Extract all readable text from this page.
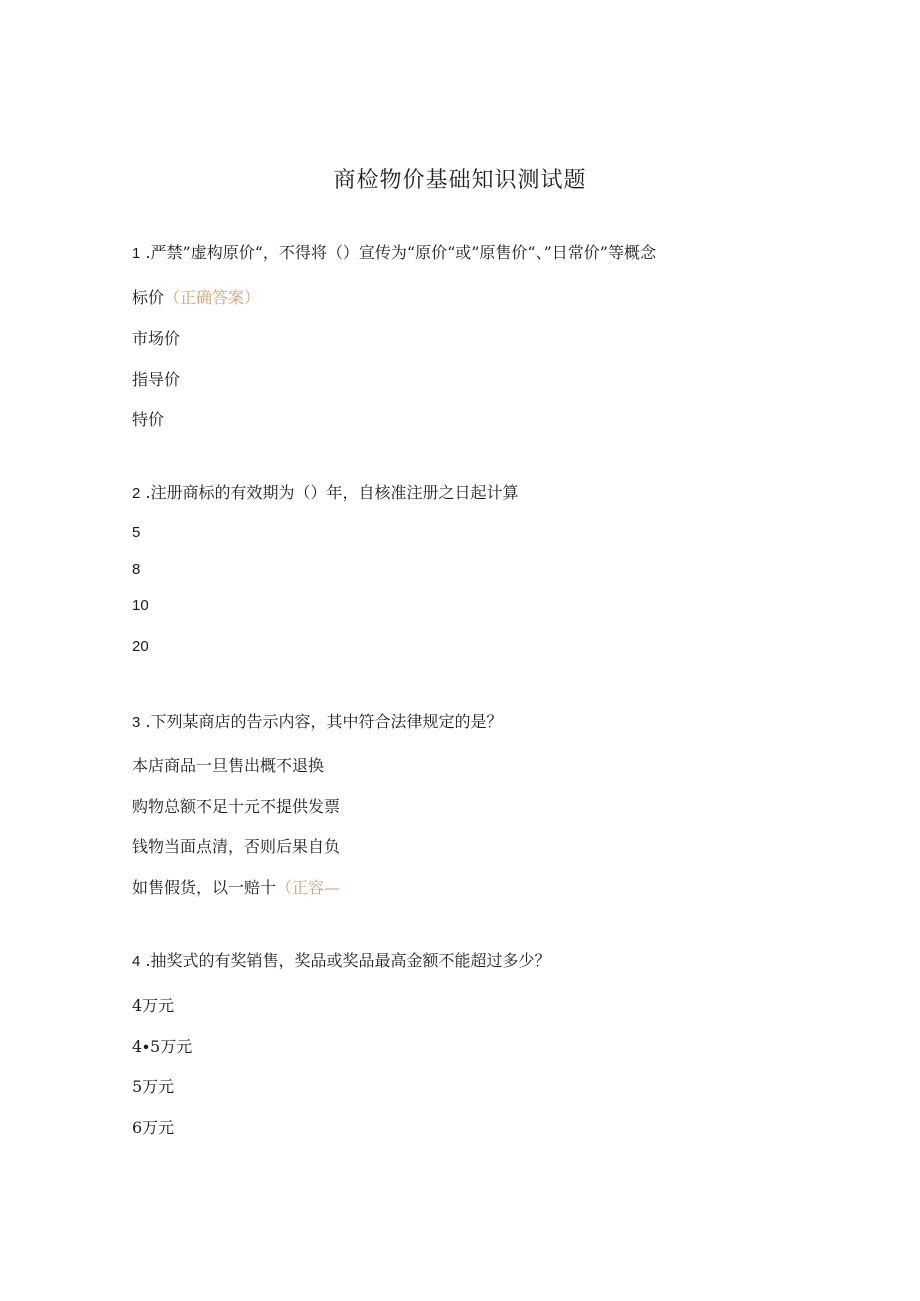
商检物价基础知识测试题
1 .严禁”虚构原价“，不得将（）宣传为“原价“或”原售价“、”日常价”等概念
标价（正确答案）
市场价
指导价
特价
2 .注册商标的有效期为（）年，自核准注册之日起计算
5
8
10
20
3 .下列某商店的告示内容，其中符合法律规定的是？
本店商品一旦售出概不退换
购物总额不足十元不提供发票
钱物当面点清，否则后果自负
如售假货，以一赔十（正容—
4 .抽奖式的有奖销售，奖品或奖品最高金额不能超过多少？
4万元
4∙5万元
5万元
6万元
